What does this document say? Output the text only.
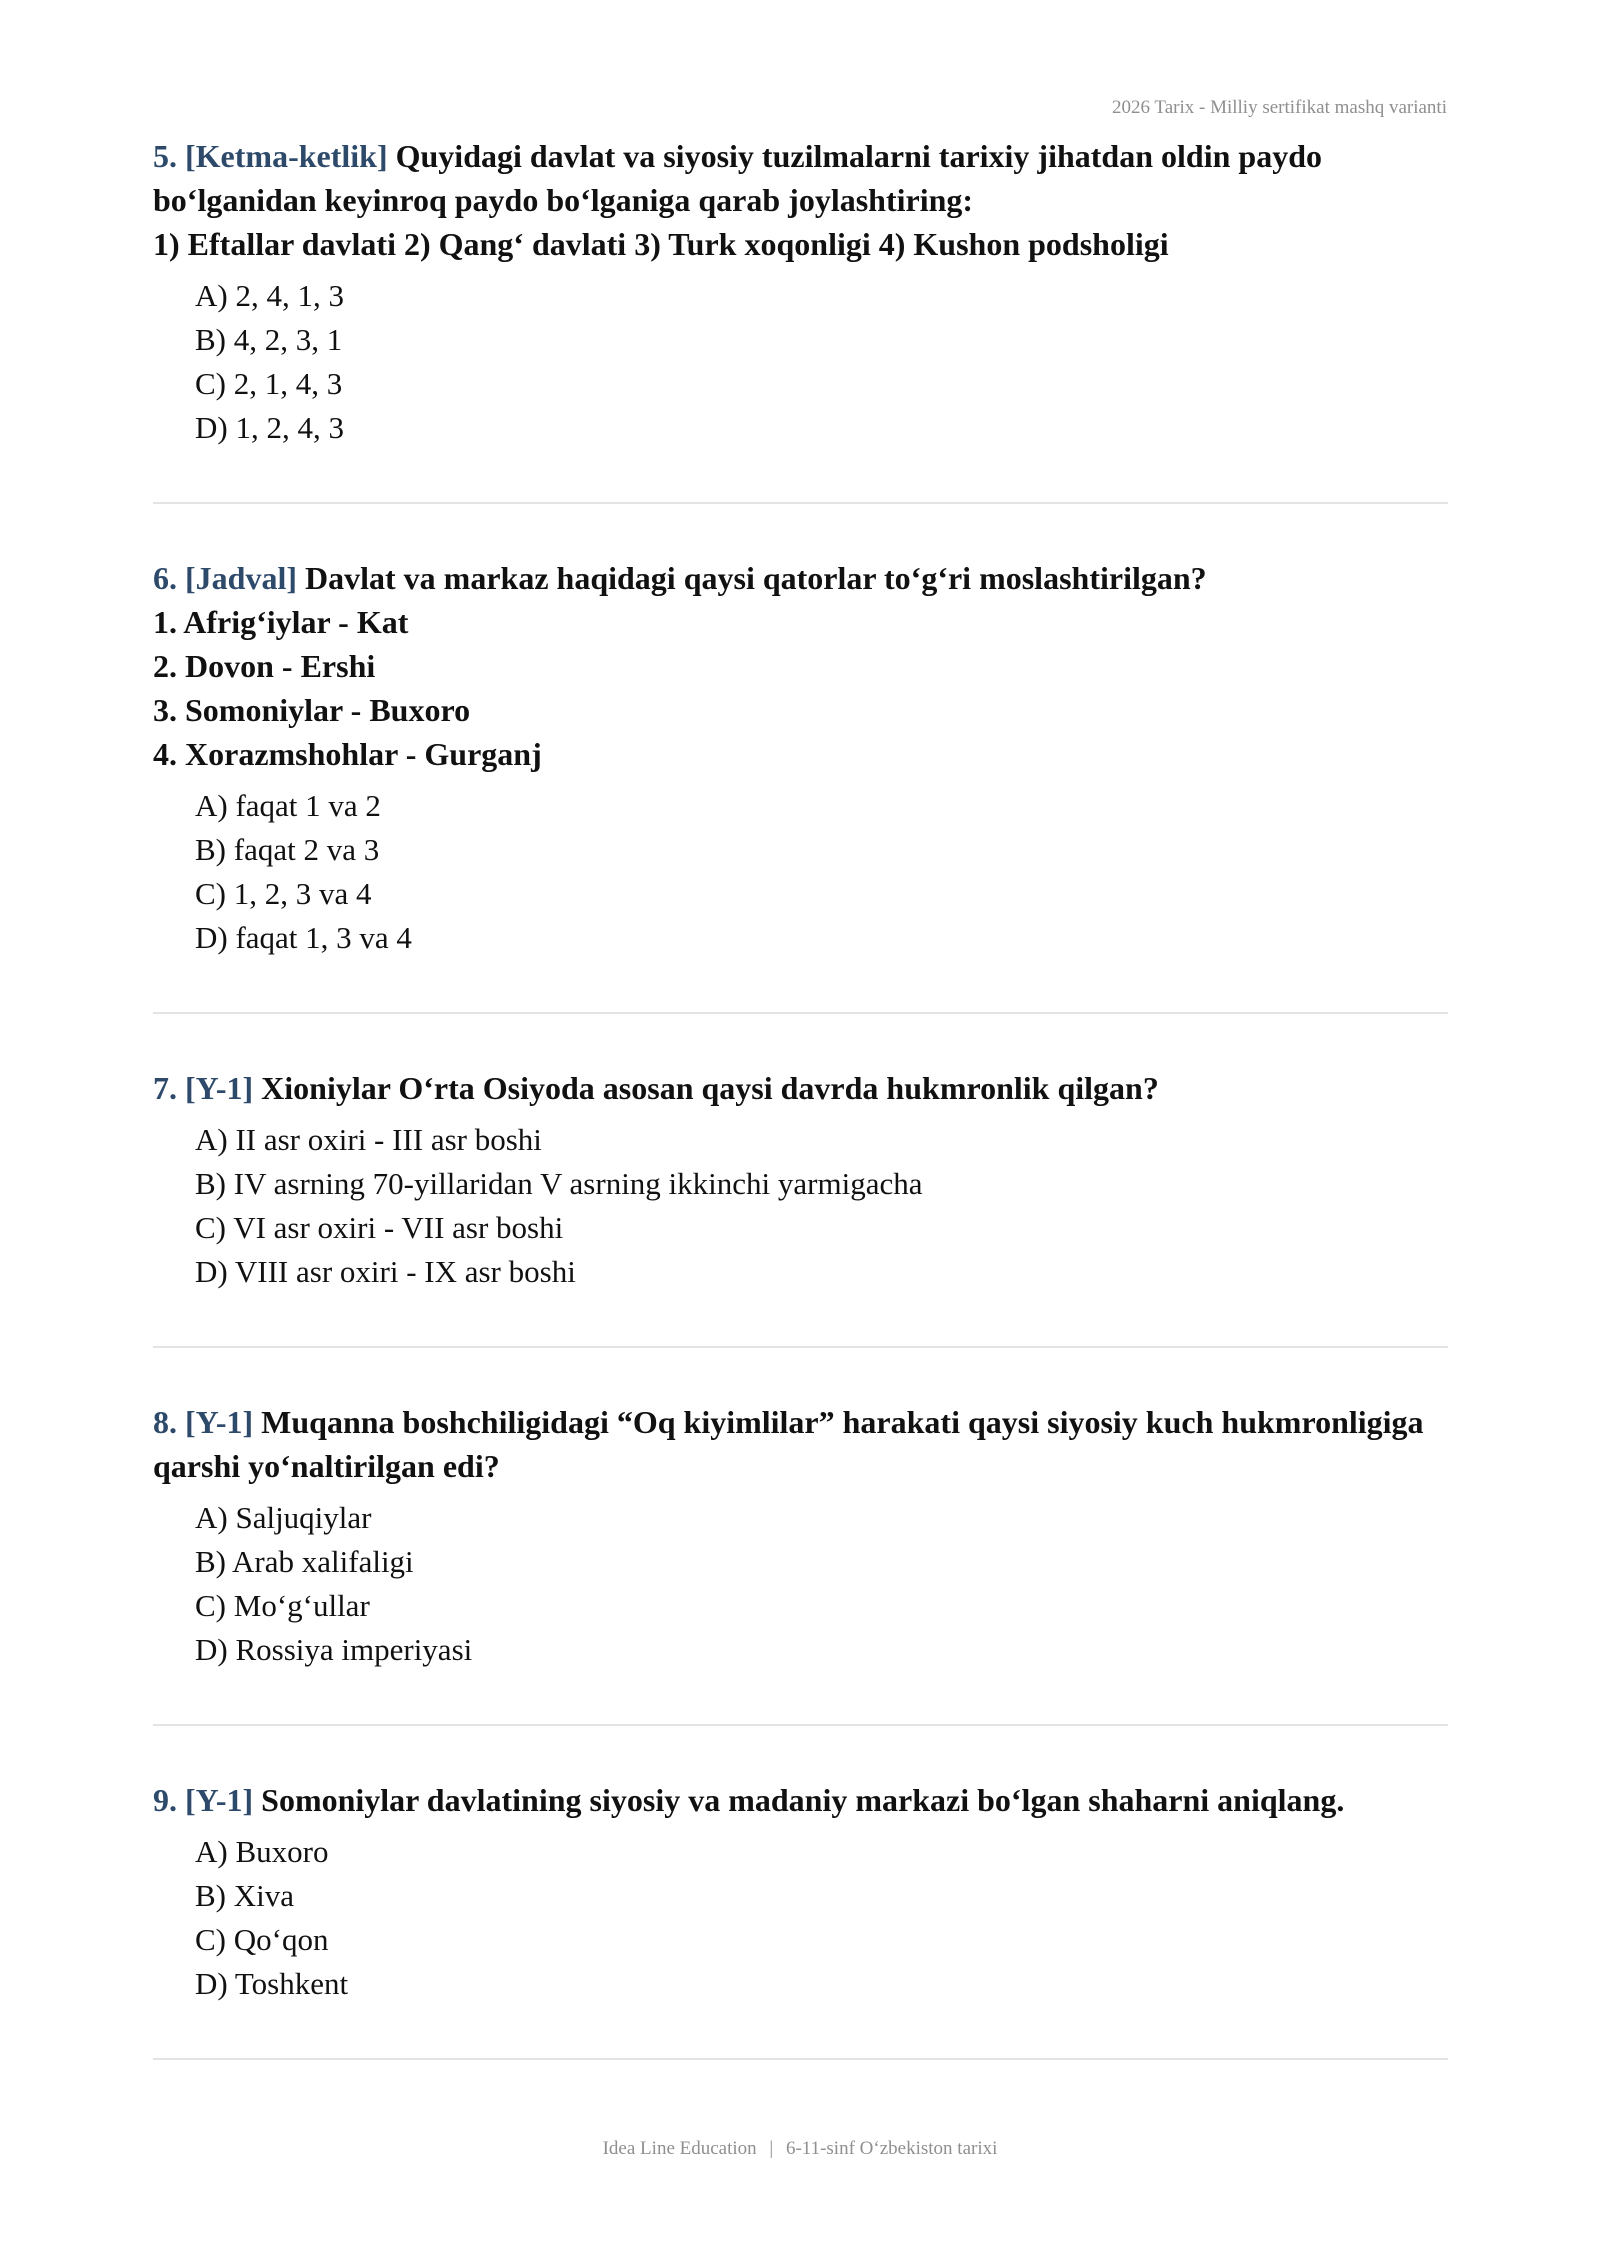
2026 Tarix - Milliy sertifikat mashq varianti
5. [Ketma-ketlik] Quyidagi davlat va siyosiy tuzilmalarni tarixiy jihatdan oldin paydo bo‘lganidan keyinroq paydo bo‘lganiga qarab joylashtiring:
1) Eftallar davlati 2) Qang‘ davlati 3) Turk xoqonligi 4) Kushon podsholigi
A) 2, 4, 1, 3
B) 4, 2, 3, 1
C) 2, 1, 4, 3
D) 1, 2, 4, 3
6. [Jadval] Davlat va markaz haqidagi qaysi qatorlar to‘g‘ri moslashtirilgan?
1. Afrig‘iylar - Kat
2. Dovon - Ershi
3. Somoniylar - Buxoro
4. Xorazmshohlar - Gurganj
A) faqat 1 va 2
B) faqat 2 va 3
C) 1, 2, 3 va 4
D) faqat 1, 3 va 4
7. [Y-1] Xioniylar O‘rta Osiyoda asosan qaysi davrda hukmronlik qilgan?
A) II asr oxiri - III asr boshi
B) IV asrning 70-yillaridan V asrning ikkinchi yarmigacha
C) VI asr oxiri - VII asr boshi
D) VIII asr oxiri - IX asr boshi
8. [Y-1] Muqanna boshchiligidagi “Oq kiyimlilar” harakati qaysi siyosiy kuch hukmronligiga qarshi yo‘naltirilgan edi?
A) Saljuqiylar
B) Arab xalifaligi
C) Mo‘g‘ullar
D) Rossiya imperiyasi
9. [Y-1] Somoniylar davlatining siyosiy va madaniy markazi bo‘lgan shaharni aniqlang.
A) Buxoro
B) Xiva
C) Qo‘qon
D) Toshkent
Idea Line Education | 6-11-sinf O‘zbekiston tarixi
